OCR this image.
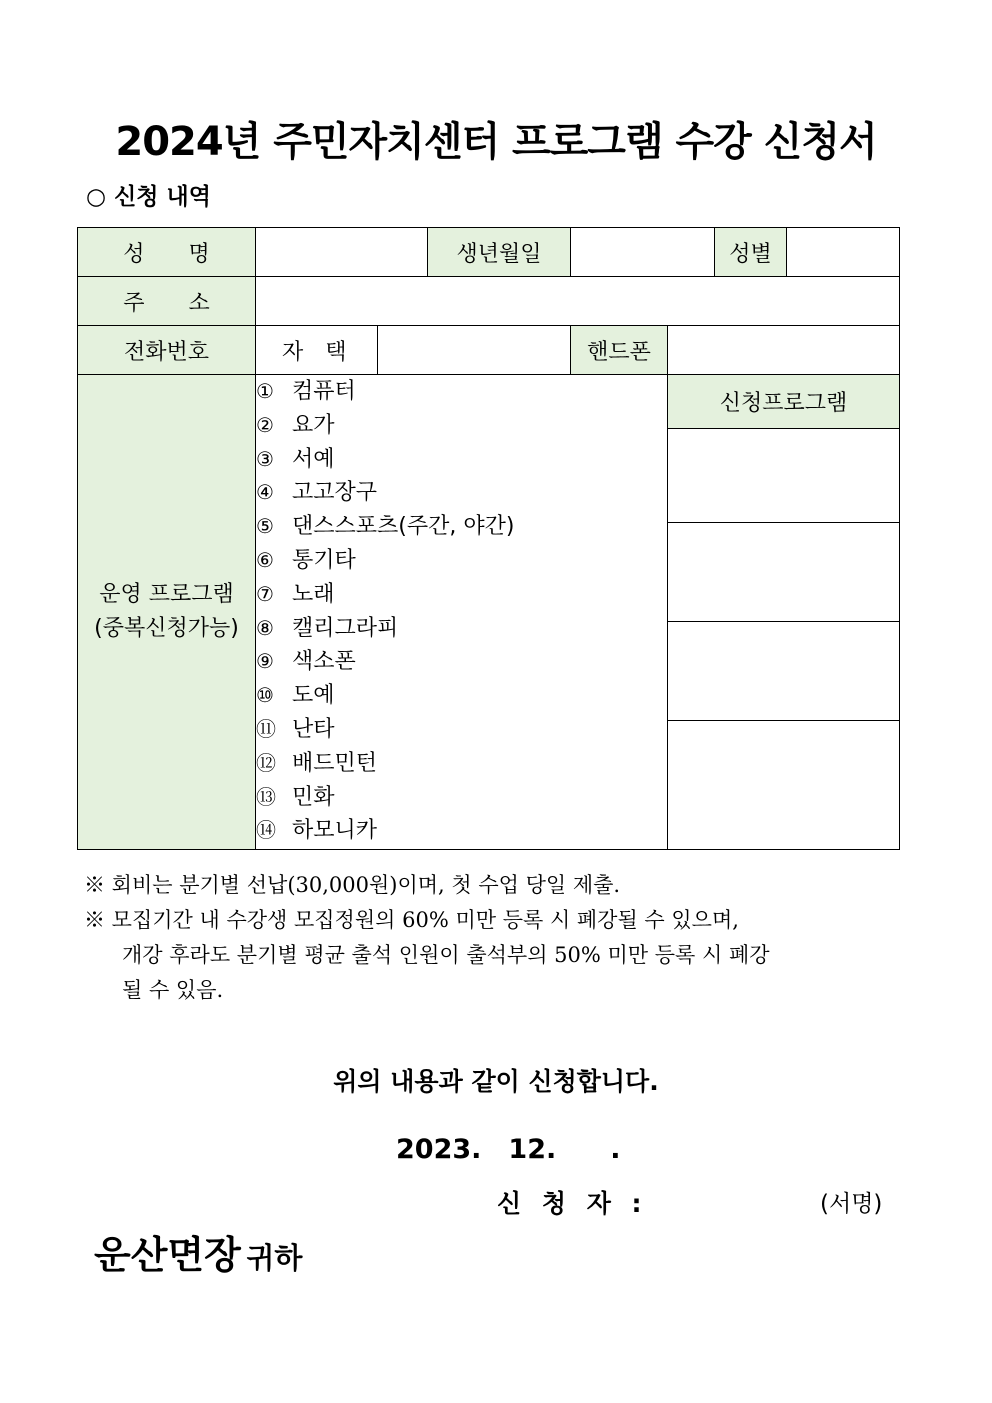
2024년 주민자치센터 프로그램 수강 신청서
○ 신청 내역
성　　명		생년월일		성별	
주　　소	
전화번호	자　택		핸드폰	

운영 프로그램
(중복신청가능)

① 컴퓨터
② 요가
③ 서예
④ 고고장구
⑤ 댄스스포츠(주간, 야간)
⑥ 통기타
⑦ 노래
⑧ 캘리그라피
⑨ 색소폰
⑩ 도예
⑪ 난타
⑫ 배드민턴
⑬ 민화
⑭ 하모니카

신청프로그램

※ 회비는 분기별 선납(30,000원)이며, 첫 수업 당일 제출.
※ 모집기간 내 수강생 모집정원의 60% 미만 등록 시 폐강될 수 있으며,
개강 후라도 분기별 평균 출석 인원이 출석부의 50% 미만 등록 시 폐강
될 수 있음.
위의 내용과 같이 신청합니다.
2023.　12.　　.
신 청 자 :	(서명)
운산면장 귀하
